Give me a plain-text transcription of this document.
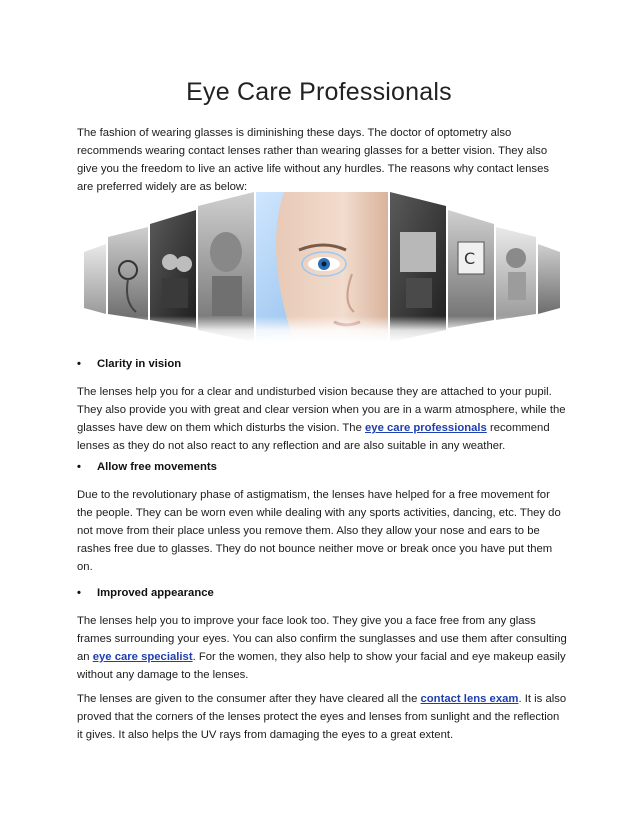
Eye Care Professionals

The fashion of wearing glasses is diminishing these days. The doctor of optometry also recommends wearing contact lenses rather than wearing glasses for a better vision. They also give you the freedom to live an active life without any hurdles. The reasons why contact lenses are preferred widely are as below:

C
• Clarity in vision

The lenses help you for a clear and undisturbed vision because they are attached to your pupil. They also provide you with great and clear version when you are in a warm atmosphere, while the glasses have dew on them which disturbs the vision. The eye care professionals recommend lenses as they do not also react to any reflection and are also suitable in any weather.

• Allow free movements

Due to the revolutionary phase of astigmatism, the lenses have helped for a free movement for the people. They can be worn even while dealing with any sports activities, dancing, etc. They do not move from their place unless you remove them. Also they allow your nose and ears to be rashes free due to glasses. They do not bounce neither move or break once you have put them on.

• Improved appearance

The lenses help you to improve your face look too. They give you a face free from any glass frames surrounding your eyes. You can also confirm the sunglasses and use them after consulting an eye care specialist. For the women, they also help to show your facial and eye makeup easily without any damage to the lenses.

The lenses are given to the consumer after they have cleared all the contact lens exam. It is also proved that the corners of the lenses protect the eyes and lenses from sunlight and the reflection it gives. It also helps the UV rays from damaging the eyes to a great extent.
